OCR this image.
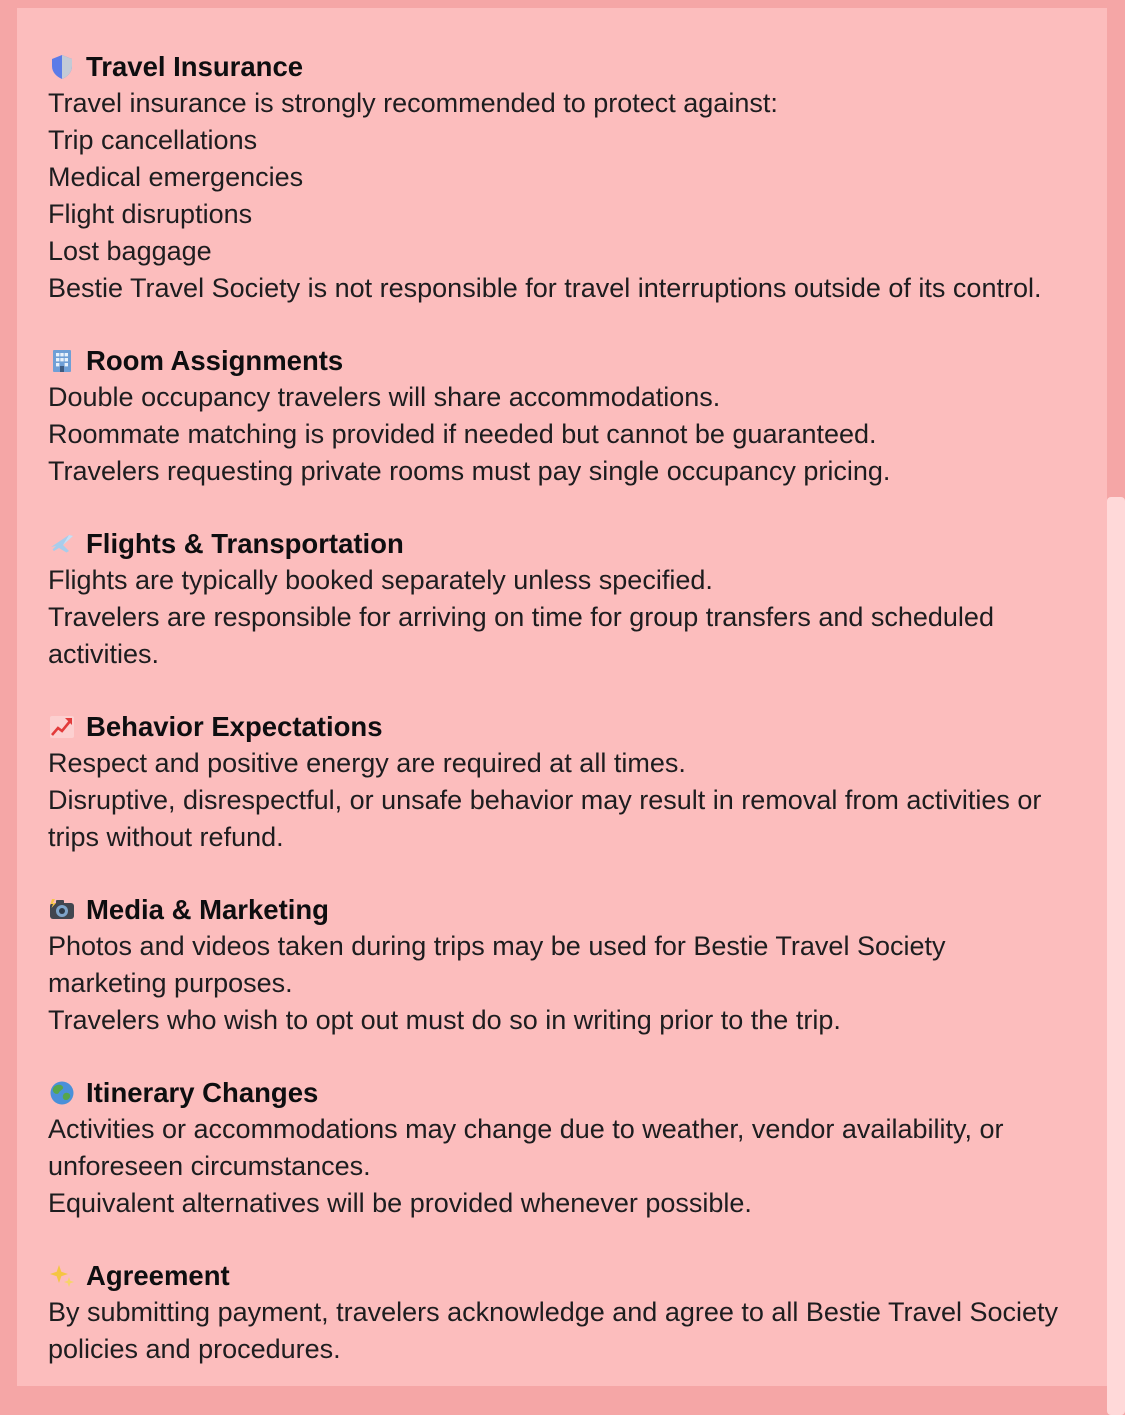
Travel Insurance

Travel insurance is strongly recommended to protect against:

Trip cancellations

Medical emergencies

Flight disruptions

Lost baggage

Bestie Travel Society is not responsible for travel interruptions outside of its control.

Room Assignments

Double occupancy travelers will share accommodations.

Roommate matching is provided if needed but cannot be guaranteed.

Travelers requesting private rooms must pay single occupancy pricing.

Flights & Transportation

Flights are typically booked separately unless specified.

Travelers are responsible for arriving on time for group transfers and scheduled activities.

Behavior Expectations

Respect and positive energy are required at all times.

Disruptive, disrespectful, or unsafe behavior may result in removal from activities or trips without refund.

Media & Marketing

Photos and videos taken during trips may be used for Bestie Travel Society marketing purposes.

Travelers who wish to opt out must do so in writing prior to the trip.

Itinerary Changes

Activities or accommodations may change due to weather, vendor availability, or unforeseen circumstances.

Equivalent alternatives will be provided whenever possible.

Agreement

By submitting payment, travelers acknowledge and agree to all Bestie Travel Society policies and procedures.
